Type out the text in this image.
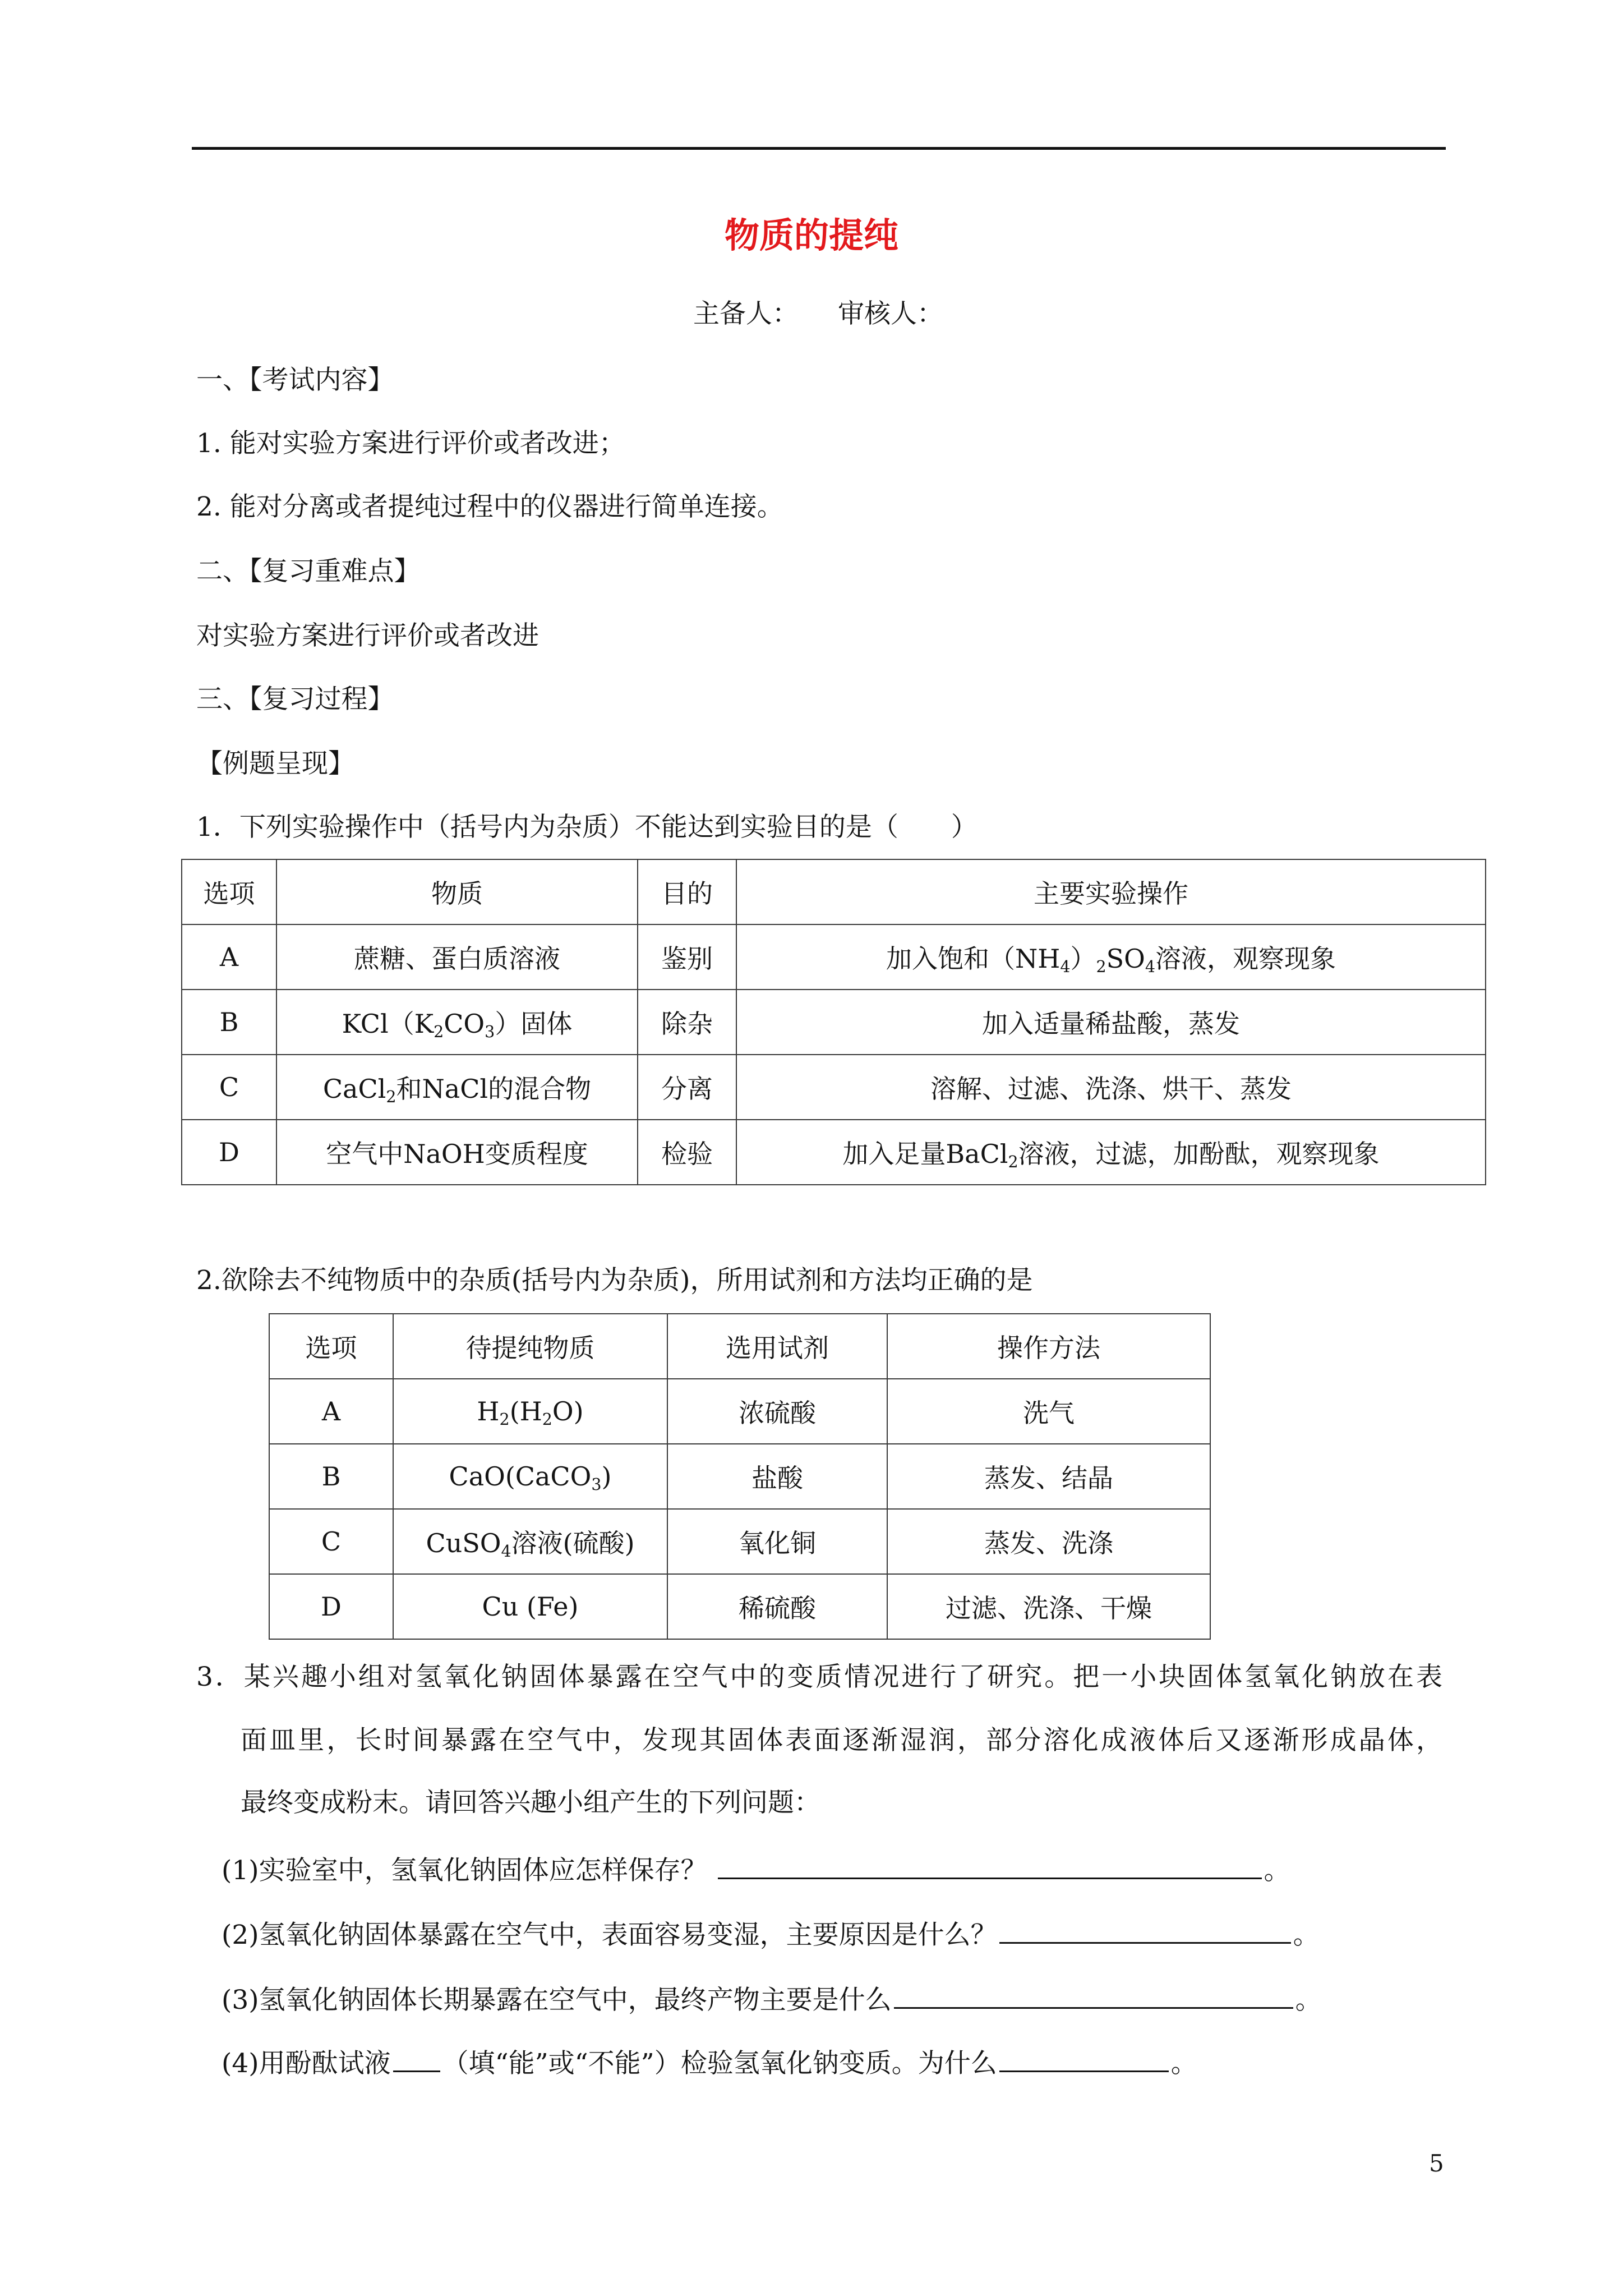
物质的提纯
主备人： 审核人：
一、【考试内容】
1. 能对实验方案进行评价或者改进；
2. 能对分离或者提纯过程中的仪器进行简单连接。
二、【复习重难点】
对实验方案进行评价或者改进
三、【复习过程】
【例题呈现】
1．下列实验操作中（括号内为杂质）不能达到实验目的是（　　）
选项	物质	目的	主要实验操作
A	蔗糖、蛋白质溶液	鉴别	加入饱和$(NH_4)_2SO_4$溶液，观察现象
B	$KCl(K_2CO_3)$固体	除杂	加入适量稀盐酸，蒸发
C	CaCl$_2$和NaCl的混合物	分离	溶解、过滤、洗涤、烘干、蒸发
D	空气中NaOH变质程度	检验	加入足量BaCl$_2$溶液，过滤，加酚酞，观察现象
2.欲除去不纯物质中的杂质(括号内为杂质)，所用试剂和方法均正确的是
选项	待提纯物质	选用试剂	操作方法
A	$H_2(H_2O)$	浓硫酸	洗气
B	CaO(CaCO$_3$)	盐酸	蒸发、结晶
C	CuSO$_4$溶液(硫酸)	氧化铜	蒸发、洗涤
D	Cu (Fe)	稀硫酸	过滤、洗涤、干燥
3．某兴趣小组对氢氧化钠固体暴露在空气中的变质情况进行了研究。把一小块固体氢氧化钠放在表
面皿里，长时间暴露在空气中，发现其固体表面逐渐湿润，部分溶化成液体后又逐渐形成晶体，
最终变成粉末。请回答兴趣小组产生的下列问题：
(1)实验室中，氢氧化钠固体应怎样保存？	。
(2)氢氧化钠固体暴露在空气中，表面容易变湿，主要原因是什么？	。
(3)氢氧化钠固体长期暴露在空气中，最终产物主要是什么	。
(4)用酚酞试液 （填“能”或“不能”）检验氢氧化钠变质。为什么	。
5
